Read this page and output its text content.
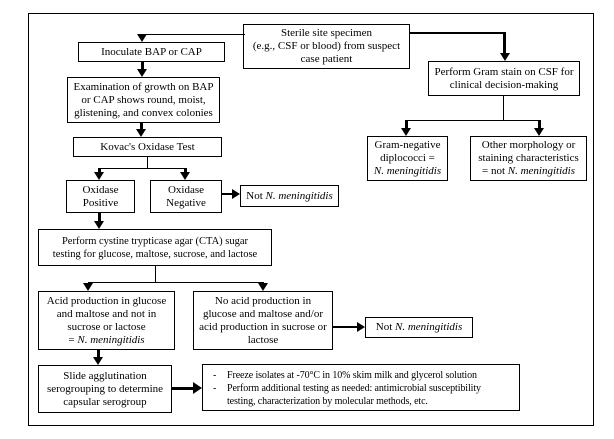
Sterile site specimen
(e.g., CSF or blood) from suspect
case patient
Inoculate BAP or CAP
Perform Gram stain on CSF for
clinical decision-making
Gram-negative
diplococci =
N. meningitidis
Other morphology or
staining characteristics
= not N. meningitidis
Examination of growth on BAP
or CAP shows round, moist,
glistening, and convex colonies
Kovac's Oxidase Test
Oxidase
Positive
Oxidase
Negative
Not N. meningitidis
Perform cystine trypticase agar (CTA) sugar
testing for glucose, maltose, sucrose, and lactose
Acid production in glucose
and maltose and not in
sucrose or lactose
= N. meningitidis
No acid production in
glucose and maltose and/or
acid production in sucrose or
lactose
Not N. meningitidis
Slide agglutination
serogrouping to determine
capsular serogroup
-	Freeze isolates at -70°C in 10% skim milk and glycerol solution
-	Perform additional testing as needed: antimicrobial susceptibility
testing, characterization by molecular methods, etc.
